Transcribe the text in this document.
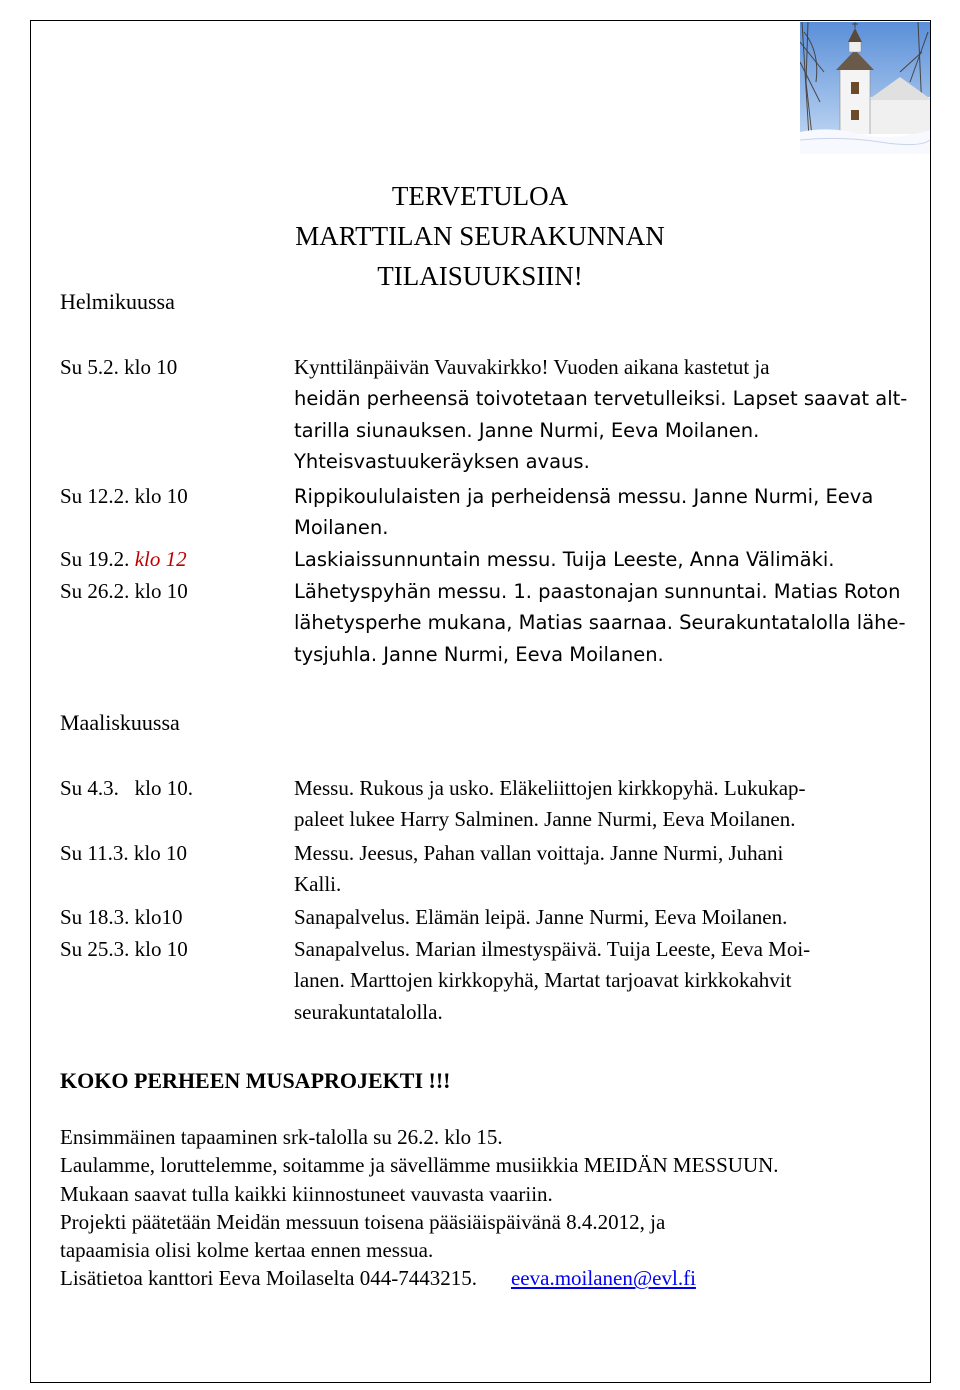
TERVETULOA
MARTTILAN SEURAKUNNAN
TILAISUUKSIIN!
Helmikuussa
Su 5.2. klo 10
Su 12.2. klo 10
Su 19.2. klo 12
Su 26.2. klo 10
Kynttilänpäivän Vauvakirkko! Vuoden aikana kastetut ja
heidän perheensä toivotetaan tervetulleiksi. Lapset saavat alt-
tarilla siunauksen. Janne Nurmi, Eeva Moilanen.
Yhteisvastuukeräyksen avaus.
Rippikoululaisten ja perheidensä messu. Janne Nurmi, Eeva
Moilanen.
Laskiaissunnuntain messu. Tuija Leeste, Anna Välimäki.
Lähetyspyhän messu. 1. paastonajan sunnuntai. Matias Roton
lähetysperhe mukana, Matias saarnaa. Seurakuntatalolla lähe-
tysjuhla. Janne Nurmi, Eeva Moilanen.
Maaliskuussa
Su 4.3.   klo 10.
Su 11.3. klo 10
Su 18.3. klo10
Su 25.3. klo 10
Messu. Rukous ja usko. Eläkeliittojen kirkkopyhä. Lukukap-
paleet lukee Harry Salminen. Janne Nurmi, Eeva Moilanen.
Messu. Jeesus, Pahan vallan voittaja. Janne Nurmi, Juhani
Kalli.
Sanapalvelus. Elämän leipä. Janne Nurmi, Eeva Moilanen.
Sanapalvelus. Marian ilmestyspäivä. Tuija Leeste, Eeva Moi-
lanen. Marttojen kirkkopyhä, Martat tarjoavat kirkkokahvit
seurakuntatalolla.
KOKO PERHEEN MUSAPROJEKTI !!!
Ensimmäinen tapaaminen srk-talolla su 26.2. klo 15.
Laulamme, loruttelemme, soitamme ja sävellämme musiikkia MEIDÄN MESSUUN.
Mukaan saavat tulla kaikki kiinnostuneet vauvasta vaariin.
Projekti päätetään Meidän messuun toisena pääsiäispäivänä 8.4.2012, ja
tapaamisia olisi kolme kertaa ennen messua.
Lisätietoa kanttori Eeva Moilaselta 044-7443215. eeva.moilanen@evl.fi
